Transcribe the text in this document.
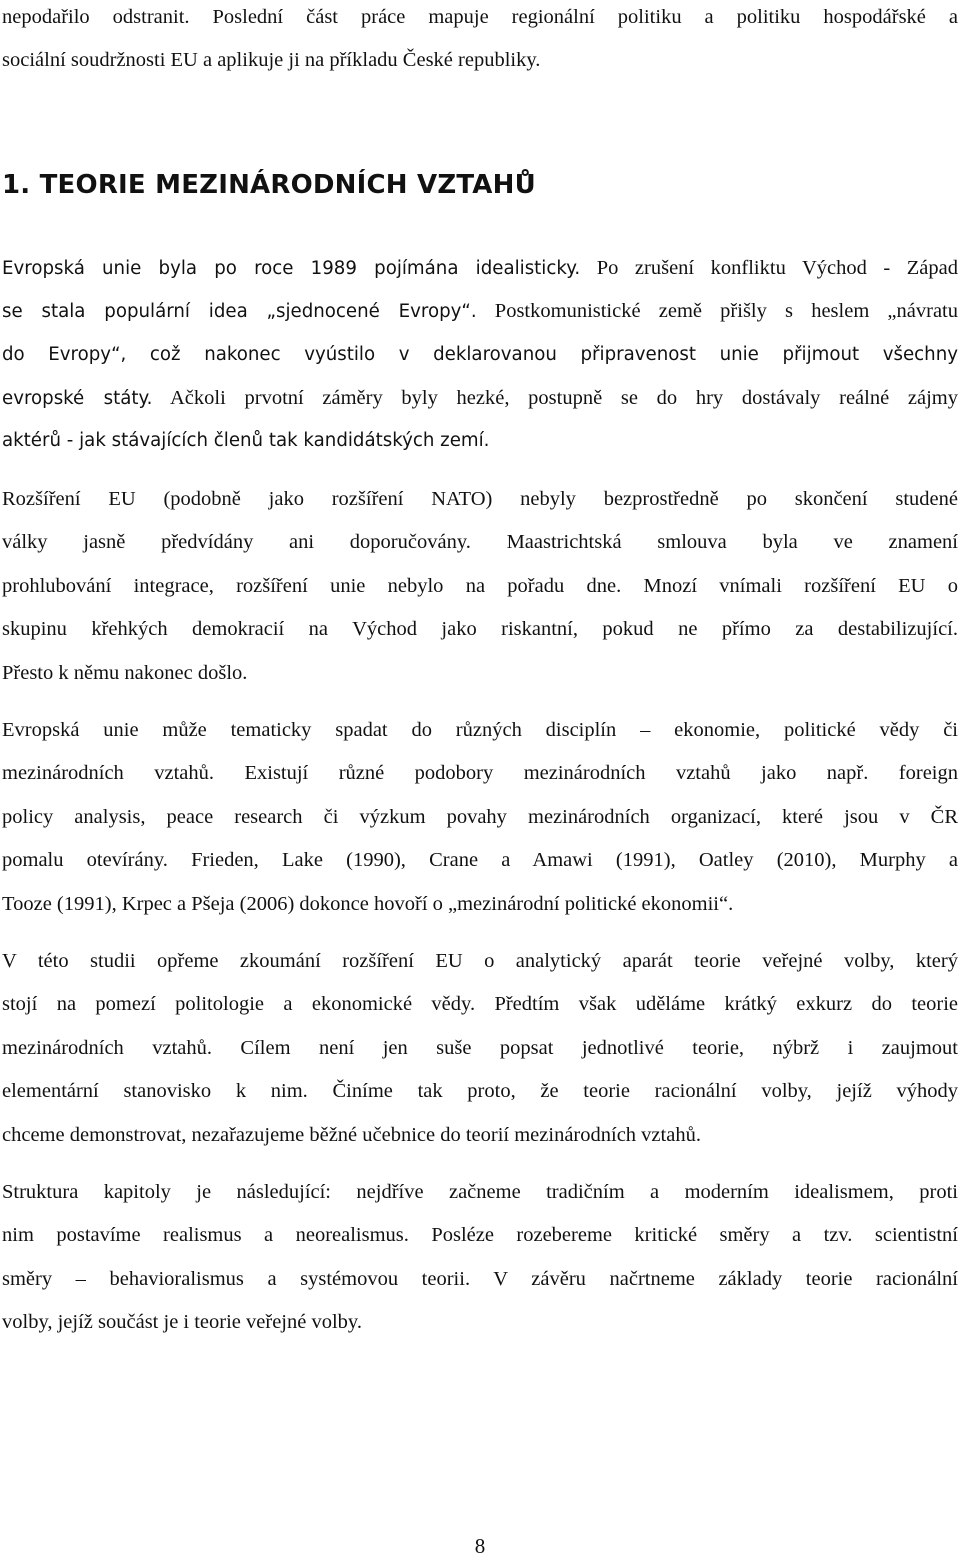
nepodařilo odstranit. Poslední část práce mapuje regionální politiku a politiku hospodářské a
sociální soudržnosti EU a aplikuje ji na příkladu České republiky.
1. TEORIE MEZINÁRODNÍCH VZTAHŮ
Evropská unie byla po roce 1989 pojímána idealisticky. Po zrušení konfliktu Východ - Západ
se stala populární idea „sjednocené Evropy“. Postkomunistické země přišly s heslem „návratu
do Evropy“, což nakonec vyústilo v deklarovanou připravenost unie přijmout všechny
evropské státy. Ačkoli prvotní záměry byly hezké, postupně se do hry dostávaly reálné zájmy
aktérů - jak stávajících členů tak kandidátských zemí.
Rozšíření EU (podobně jako rozšíření NATO) nebyly bezprostředně po skončení studené
války jasně předvídány ani doporučovány. Maastrichtská smlouva byla ve znamení
prohlubování integrace, rozšíření unie nebylo na pořadu dne. Mnozí vnímali rozšíření EU o
skupinu křehkých demokracií na Východ jako riskantní, pokud ne přímo za destabilizující.
Přesto k němu nakonec došlo.
Evropská unie může tematicky spadat do různých disciplín – ekonomie, politické vědy či
mezinárodních vztahů. Existují různé podobory mezinárodních vztahů jako např. foreign
policy analysis, peace research či výzkum povahy mezinárodních organizací, které jsou v ČR
pomalu otevírány. Frieden, Lake (1990), Crane a Amawi (1991), Oatley (2010), Murphy a
Tooze (1991), Krpec a Pšeja (2006) dokonce hovoří o „mezinárodní politické ekonomii“.
V této studii opřeme zkoumání rozšíření EU o analytický aparát teorie veřejné volby, který
stojí na pomezí politologie a ekonomické vědy. Předtím však uděláme krátký exkurz do teorie
mezinárodních vztahů. Cílem není jen suše popsat jednotlivé teorie, nýbrž i zaujmout
elementární stanovisko k nim. Činíme tak proto, že teorie racionální volby, jejíž výhody
chceme demonstrovat, nezařazujeme běžné učebnice do teorií mezinárodních vztahů.
Struktura kapitoly je následující: nejdříve začneme tradičním a moderním idealismem, proti
nim postavíme realismus a neorealismus. Posléze rozebereme kritické směry a tzv. scientistní
směry – behavioralismus a systémovou teorii. V závěru načrtneme základy teorie racionální
volby, jejíž součást je i teorie veřejné volby.
8
